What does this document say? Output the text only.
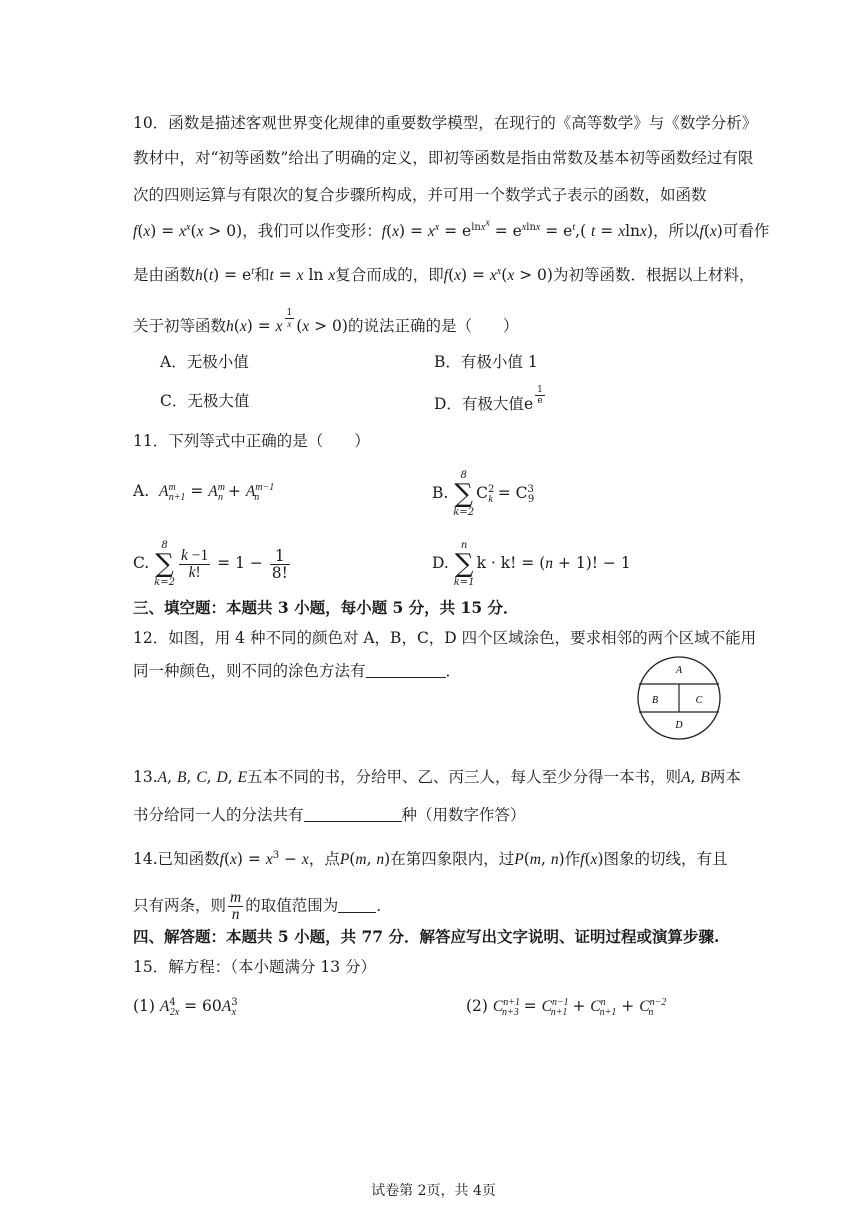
10．函数是描述客观世界变化规律的重要数学模型，在现行的《高等数学》与《数学分析》
教材中，对“初等函数”给出了明确的定义，即初等函数是指由常数及基本初等函数经过有限
次的四则运算与有限次的复合步骤所构成，并可用一个数学式子表示的函数，如函数
$f(x) = x^x(x > 0)$，我们可以作变形：$f(x) = x^x = e^{lnx^x} = e^{xlnx} = e^t$,( t = xlnx)，所以f(x)可看作
是由函数$h(t) = e^t$和t = x ln x复合而成的，即$f(x) = x^x(x > 0)$为初等函数．根据以上材料，
关于初等函数h(x) = x $^{\frac{1}{x}}$ (x > 0)的说法正确的是（　　）
A．无极小值	B．有极小值 1
C．无极大值	D．有极大值e $^{\frac{1}{e}}$
11．下列等式中正确的是（　　）
A. $A^m_{n+1} = A^m_n + A^{m-1}_n$	B.
8
∑
k=2
$C^2_k = C^3_9$
C.
8
∑
k=2
$\frac{k -1}{k!} = 1 - \frac{1}{8!}$	D.
n
∑
k=1
k · k! = (n + 1)! − 1
三、填空题：本题共 3 小题，每小题 5 分，共 15 分．
12．如图，用 4 种不同的颜色对 A，B，C，D 四个区域涂色，要求相邻的两个区域不能用
同一种颜色，则不同的涂色方法有	．	A
B	C
D
13.A, B, C, D, E五本不同的书，分给甲、乙、丙三人，每人至少分得一本书，则A, B两本
书分给同一人的分法共有	种（用数字作答）
14.已知函数$f(x) = x^3 - x$，点P(m, n)在第四象限内，过P(m, n)作f(x)图象的切线，有且
只有两条，则 $\frac{m}{n}$ 的取值范围为 ．
四、解答题：本题共 5 小题，共 77 分．解答应写出文字说明、证明过程或演算步骤.
15．解方程：（本小题满分 13 分）
(1) $A^4_{2x} = 60A^3_x$	(2) $C^{n+1}_{n+3} = C^{n-1}_{n+1} + C^n_{n+1} + C^{n-2}_n$
试卷第 2页，共 4页
